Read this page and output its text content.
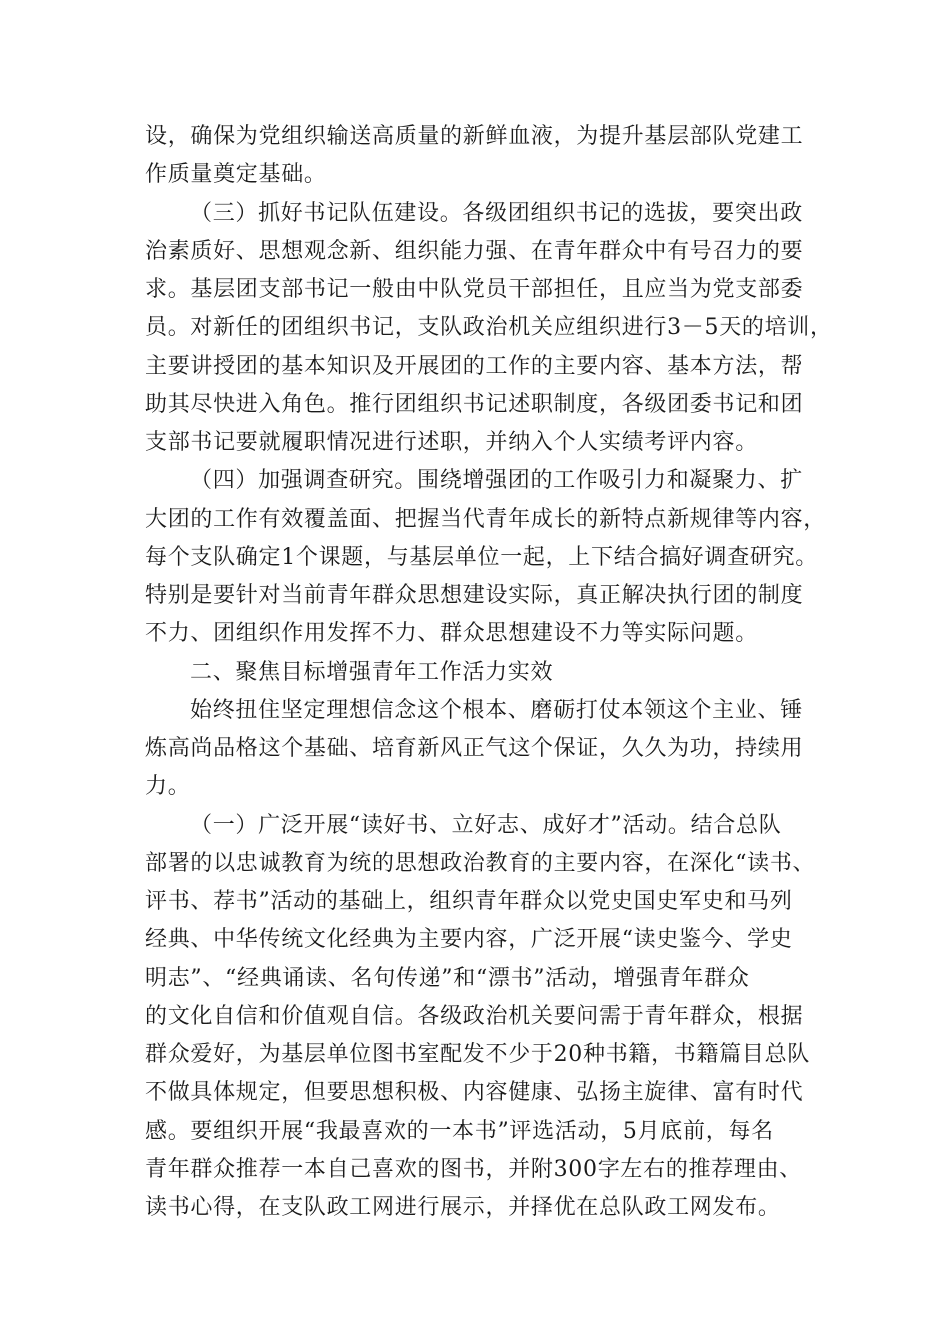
设，确保为党组织输送高质量的新鲜血液，为提升基层部队党建工
作质量奠定基础。
（三）抓好书记队伍建设。各级团组织书记的选拔，要突出政
治素质好、思想观念新、组织能力强、在青年群众中有号召力的要
求。基层团支部书记一般由中队党员干部担任，且应当为党支部委
员。对新任的团组织书记，支队政治机关应组织进行3－5天的培训，
主要讲授团的基本知识及开展团的工作的主要内容、基本方法，帮
助其尽快进入角色。推行团组织书记述职制度，各级团委书记和团
支部书记要就履职情况进行述职，并纳入个人实绩考评内容。
（四）加强调查研究。围绕增强团的工作吸引力和凝聚力、扩
大团的工作有效覆盖面、把握当代青年成长的新特点新规律等内容，
每个支队确定1个课题，与基层单位一起，上下结合搞好调查研究。
特别是要针对当前青年群众思想建设实际，真正解决执行团的制度
不力、团组织作用发挥不力、群众思想建设不力等实际问题。
二、聚焦目标增强青年工作活力实效
始终扭住坚定理想信念这个根本、磨砺打仗本领这个主业、锤
炼高尚品格这个基础、培育新风正气这个保证，久久为功，持续用
力。
（一）广泛开展“读好书、立好志、成好才”活动。结合总队
部署的以忠诚教育为统的思想政治教育的主要内容，在深化“读书、
评书、荐书”活动的基础上，组织青年群众以党史国史军史和马列
经典、中华传统文化经典为主要内容，广泛开展“读史鉴今、学史
明志”、“经典诵读、名句传递”和“漂书”活动，增强青年群众
的文化自信和价值观自信。各级政治机关要问需于青年群众，根据
群众爱好，为基层单位图书室配发不少于20种书籍，书籍篇目总队
不做具体规定，但要思想积极、内容健康、弘扬主旋律、富有时代
感。要组织开展“我最喜欢的一本书”评选活动，5月底前，每名
青年群众推荐一本自己喜欢的图书，并附300字左右的推荐理由、
读书心得，在支队政工网进行展示，并择优在总队政工网发布。
